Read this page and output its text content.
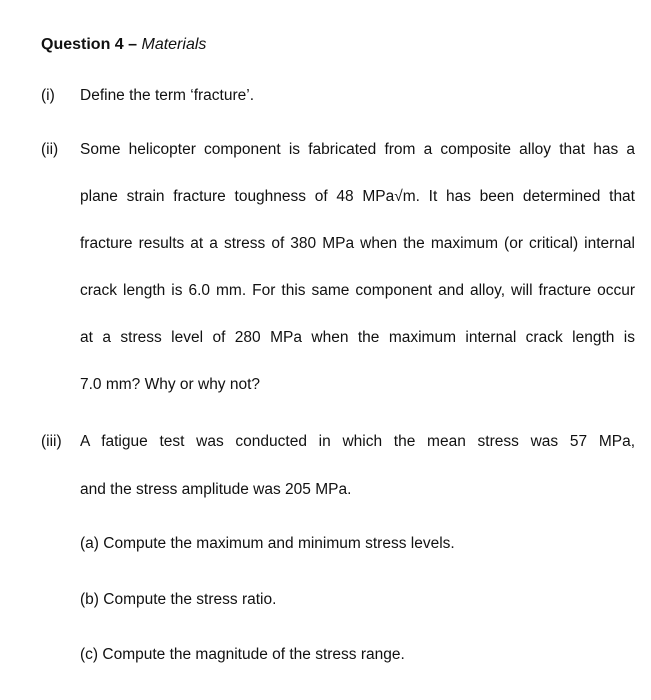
Question 4 – Materials
(i) Define the term ‘fracture’.
(ii) Some helicopter component is fabricated from a composite alloy that has a
plane strain fracture toughness of 48 MPa√m. It has been determined that
fracture results at a stress of 380 MPa when the maximum (or critical) internal
crack length is 6.0 mm. For this same component and alloy, will fracture occur
at a stress level of 280 MPa when the maximum internal crack length is
7.0 mm? Why or why not?
(iii) A fatigue test was conducted in which the mean stress was 57 MPa,
and the stress amplitude was 205 MPa.
(a) Compute the maximum and minimum stress levels.
(b) Compute the stress ratio.
(c) Compute the magnitude of the stress range.
